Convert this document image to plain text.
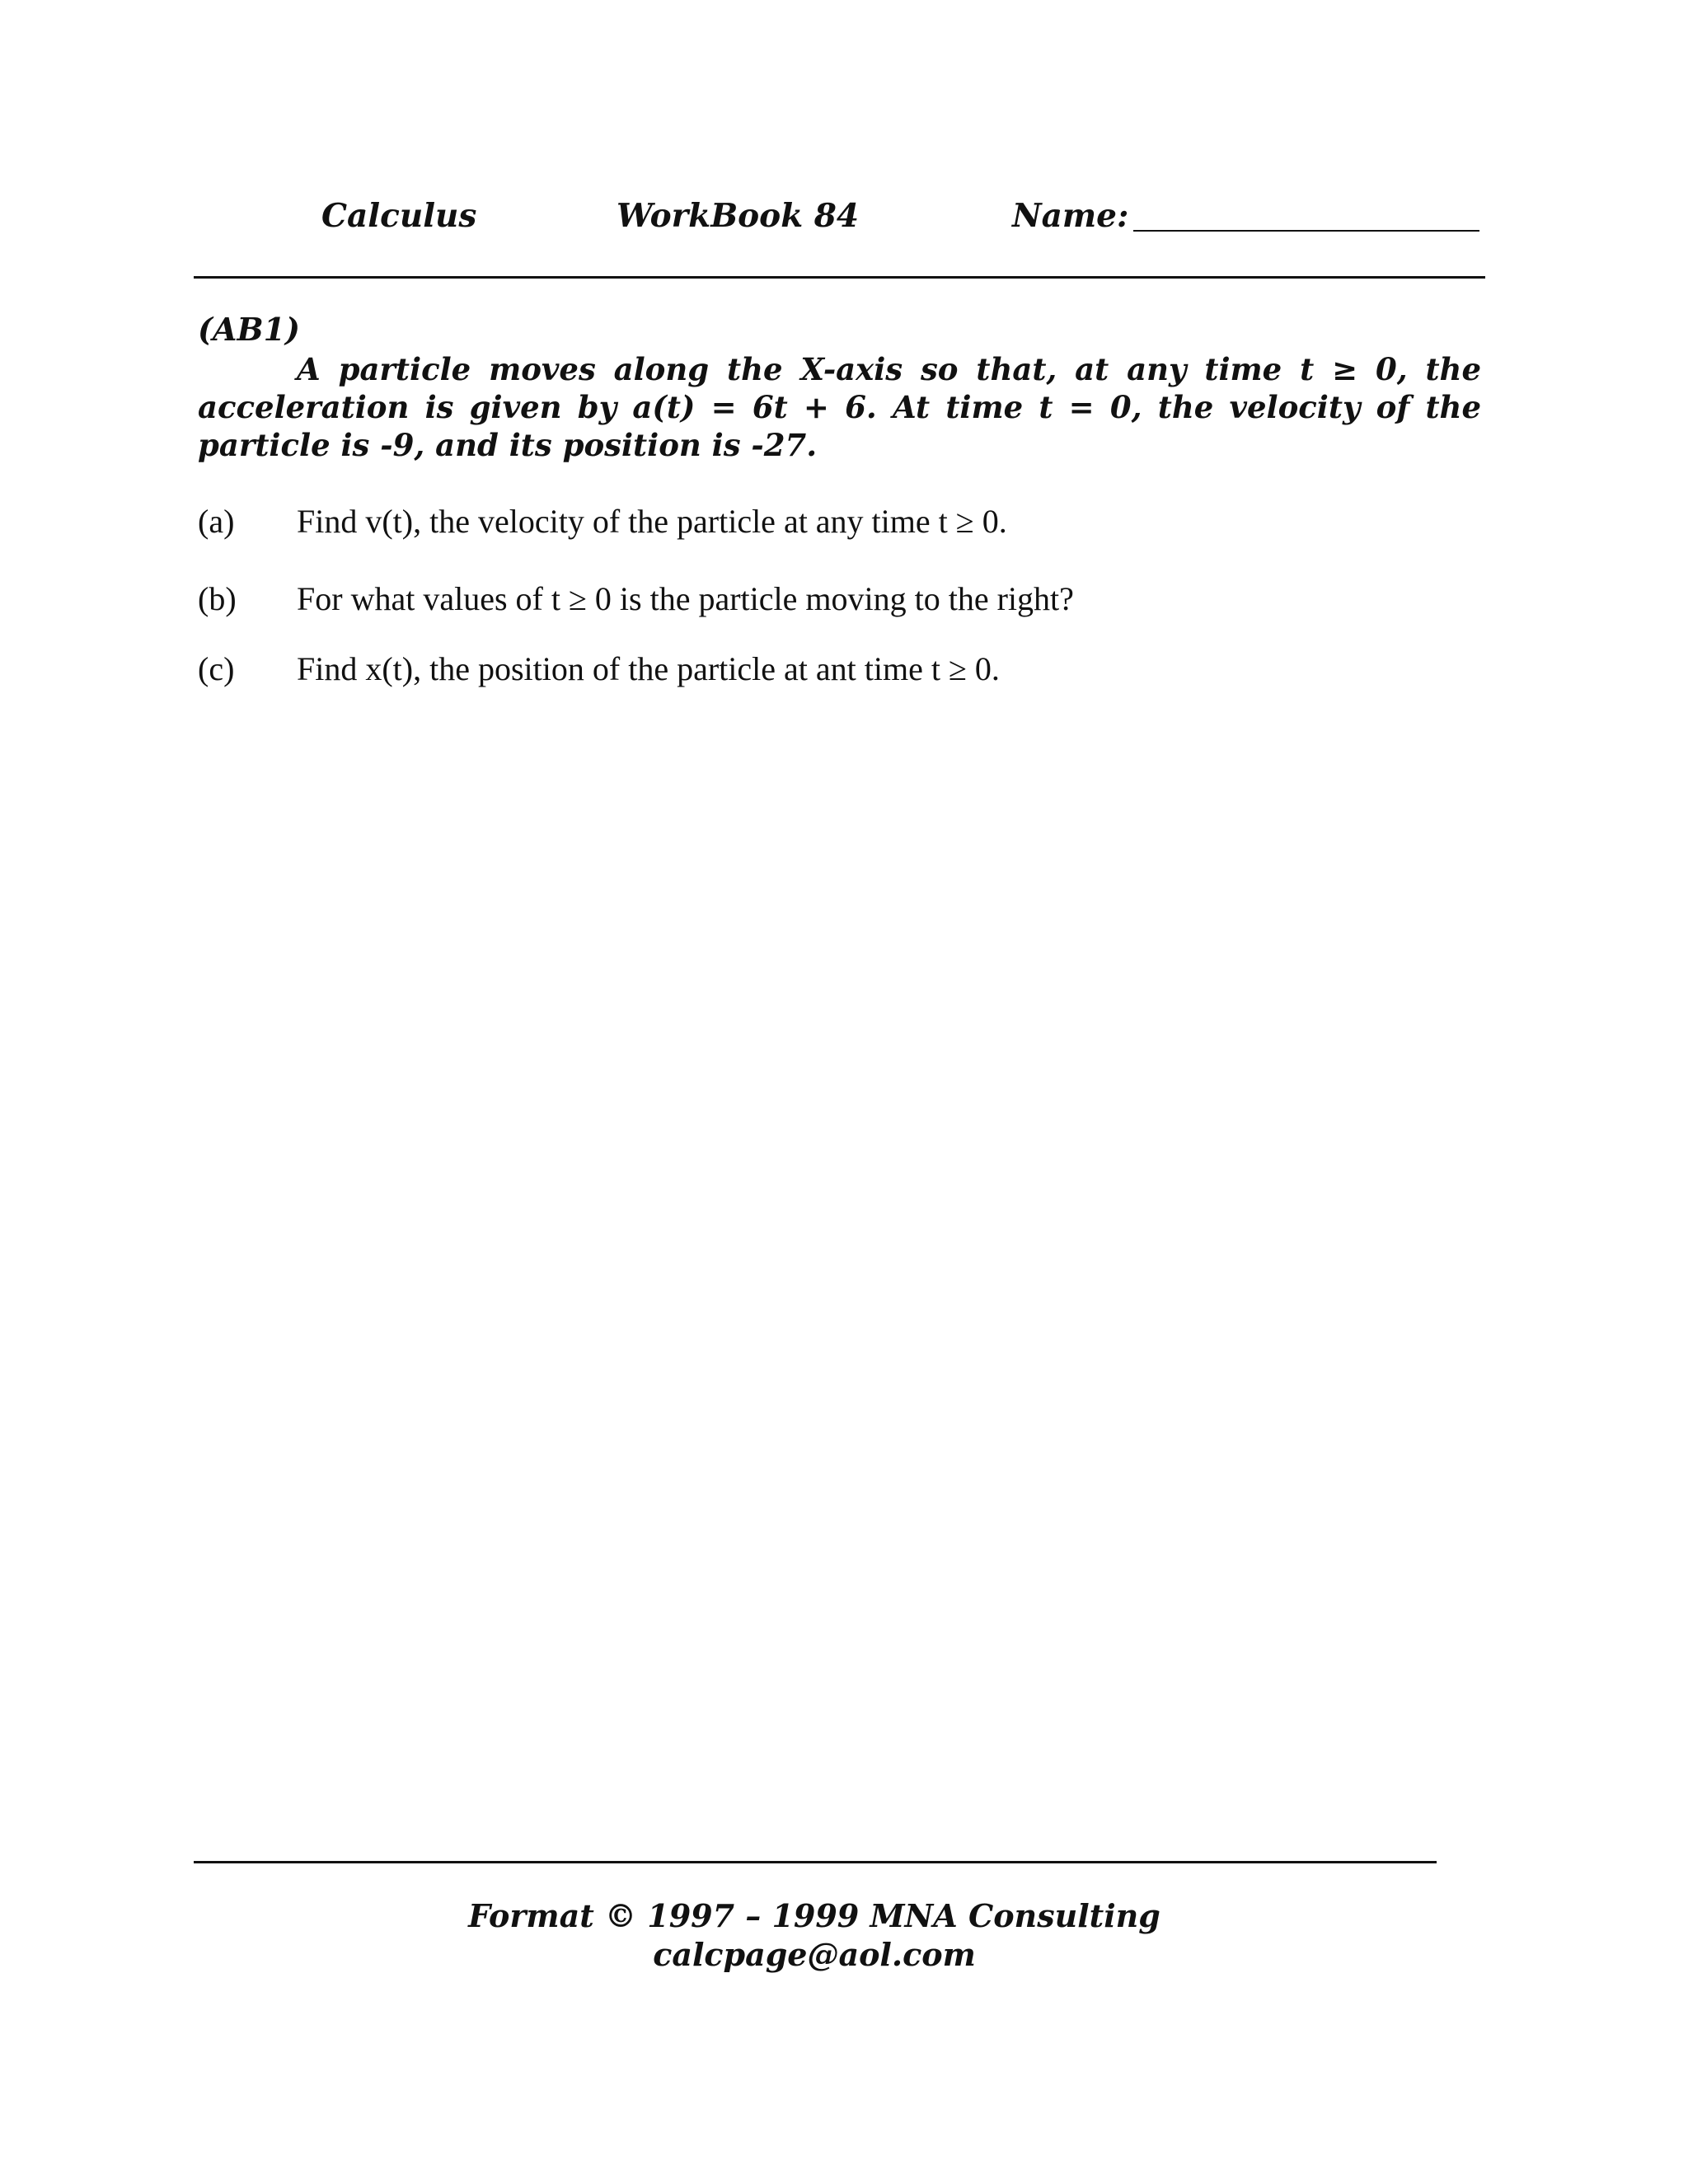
Calculus	WorkBook 84	Name:
(AB1)

A particle moves along the X-axis so that, at any time t ≥ 0, the acceleration is given by a(t) = 6t + 6. At time t = 0, the velocity of the particle is -9, and its position is -27.

(a) Find v(t), the velocity of the particle at any time t ≥ 0.
(b) For what values of t ≥ 0 is the particle moving to the right?
(c) Find x(t), the position of the particle at ant time t ≥ 0.
Format © 1997 – 1999 MNA Consulting
calcpage@aol.com
